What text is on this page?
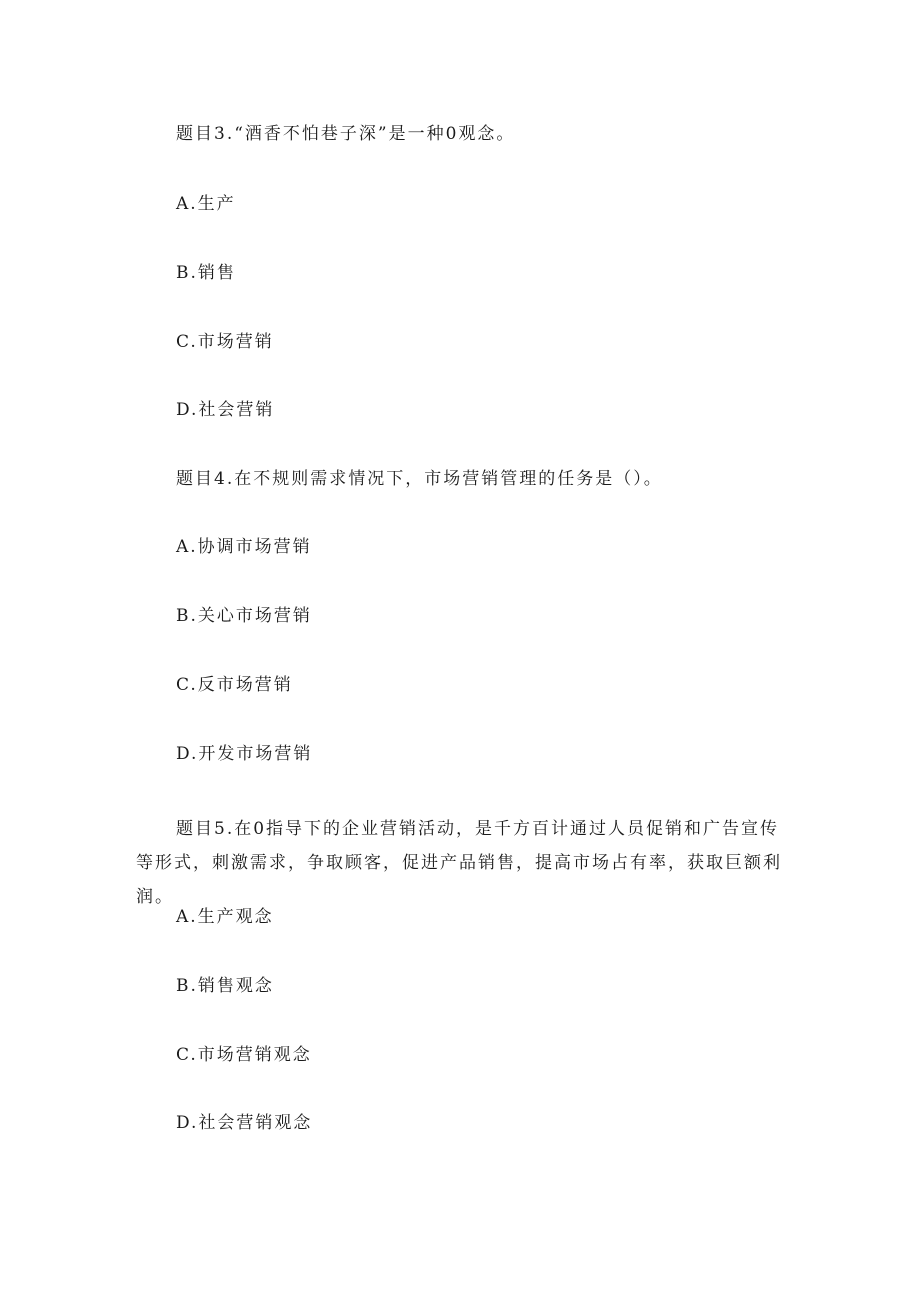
题目3.“酒香不怕巷子深”是一种0观念。
A.生产
B.销售
C.市场营销
D.社会营销
题目4.在不规则需求情况下，市场营销管理的任务是（）。
A.协调市场营销
B.关心市场营销
C.反市场营销
D.开发市场营销
题目5.在0指导下的企业营销活动，是千方百计通过人员促销和广告宣传等形式，刺激需求，争取顾客，促进产品销售，提高市场占有率，获取巨额利润。
A.生产观念
B.销售观念
C.市场营销观念
D.社会营销观念
